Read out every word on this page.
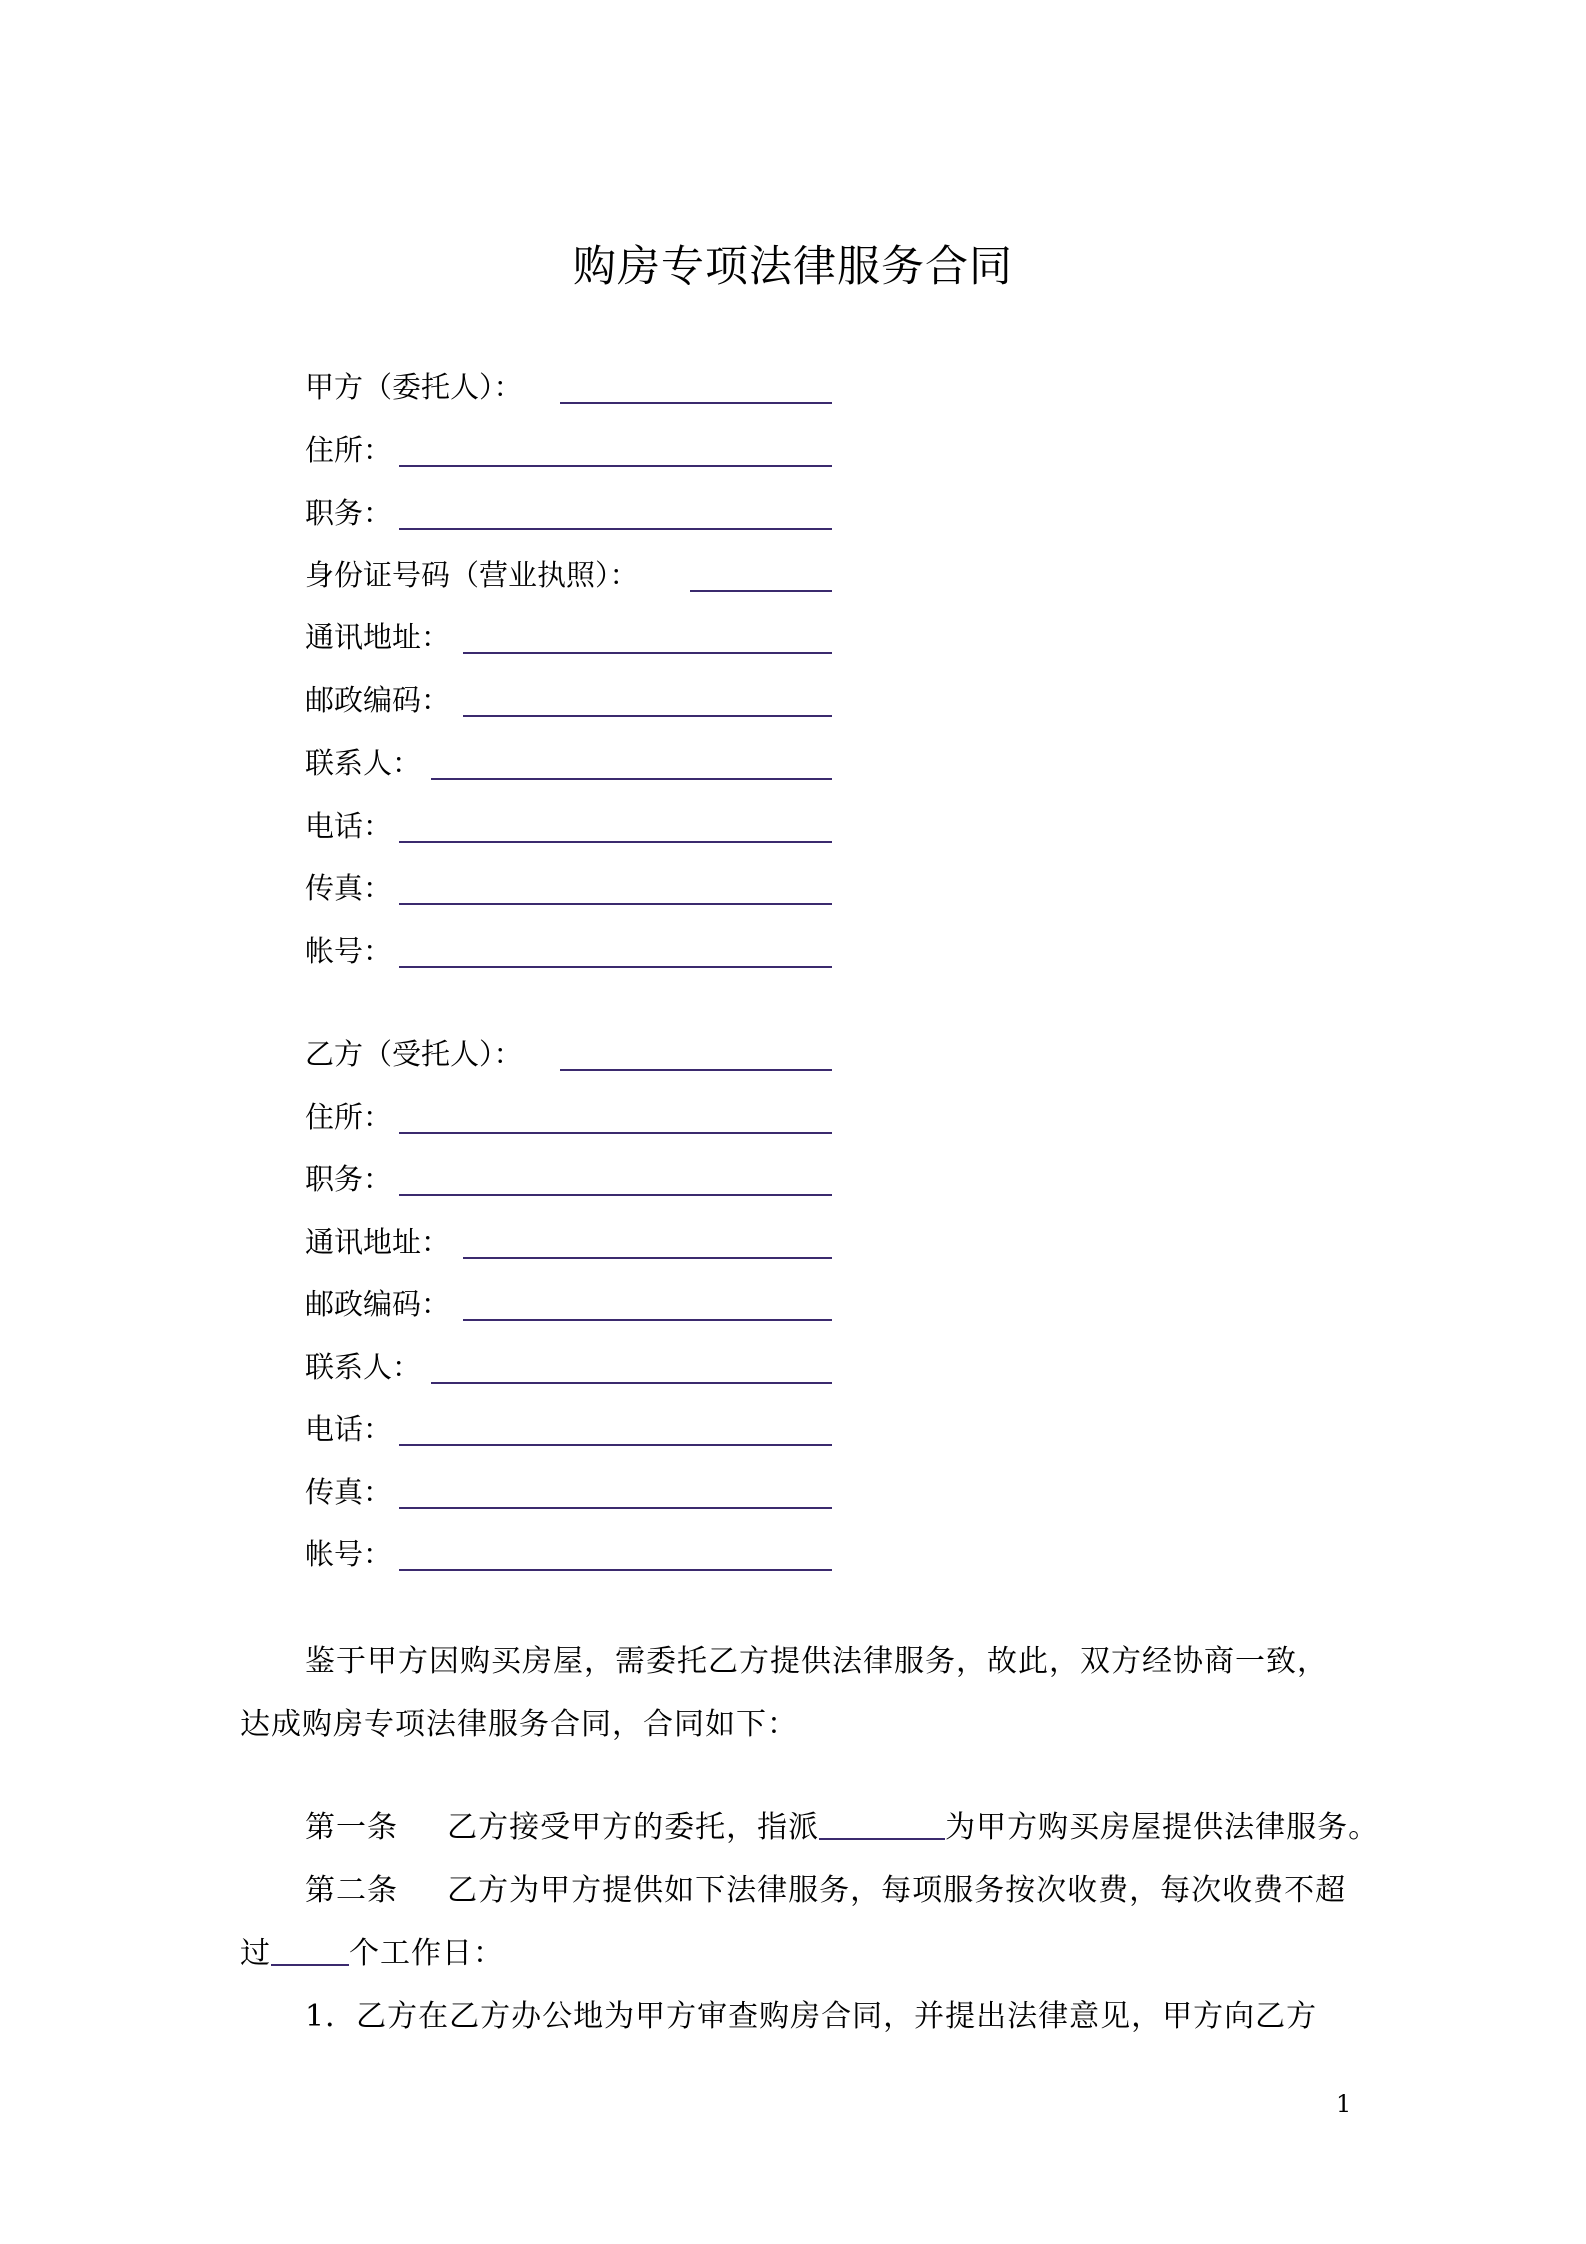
购房专项法律服务合同
甲方（委托人）：
住所：
职务：
身份证号码（营业执照）：
通讯地址：
邮政编码：
联系人：
电话：
传真：
帐号：
乙方（受托人）：
住所：
职务：
通讯地址：
邮政编码：
联系人：
电话：
传真：
帐号：
鉴于甲方因购买房屋，需委托乙方提供法律服务，故此，双方经协商一致，
达成购房专项法律服务合同，合同如下：
第一条 乙方接受甲方的委托，指派	为甲方购买房屋提供法律服务。
第二条 乙方为甲方提供如下法律服务，每项服务按次收费，每次收费不超
过	个工作日：
1．乙方在乙方办公地为甲方审查购房合同，并提出法律意见，甲方向乙方
1
